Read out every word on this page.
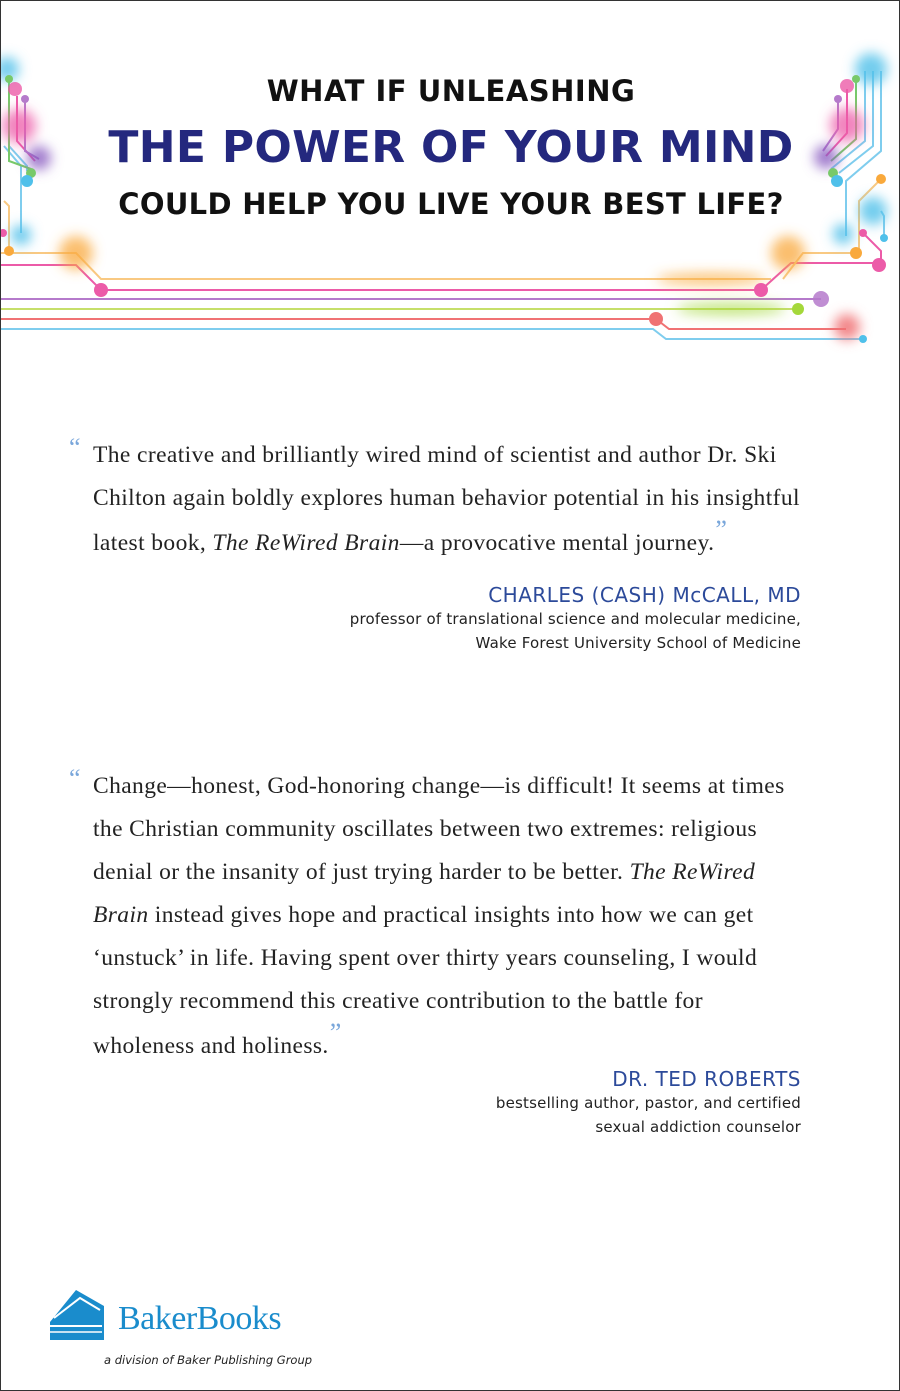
WHAT IF UNLEASHING
THE POWER OF YOUR MIND
COULD HELP YOU LIVE YOUR BEST LIFE?
“ The creative and brilliantly wired mind of scientist and author Dr. Ski Chilton again boldly explores human behavior potential in his insightful latest book, The ReWired Brain—a provocative mental journey.”
CHARLES (CASH) McCALL, MD
professor of translational science and molecular medicine,
Wake Forest University School of Medicine
“ Change—honest, God-honoring change—is difficult! It seems at times the Christian community oscillates between two extremes: religious denial or the insanity of just trying harder to be better. The ReWired Brain instead gives hope and practical insights into how we can get ‘unstuck’ in life. Having spent over thirty years counseling, I would strongly recommend this creative contribution to the battle for wholeness and holiness.”
DR. TED ROBERTS
bestselling author, pastor, and certified
sexual addiction counselor
BakerBooks
a division of Baker Publishing Group
